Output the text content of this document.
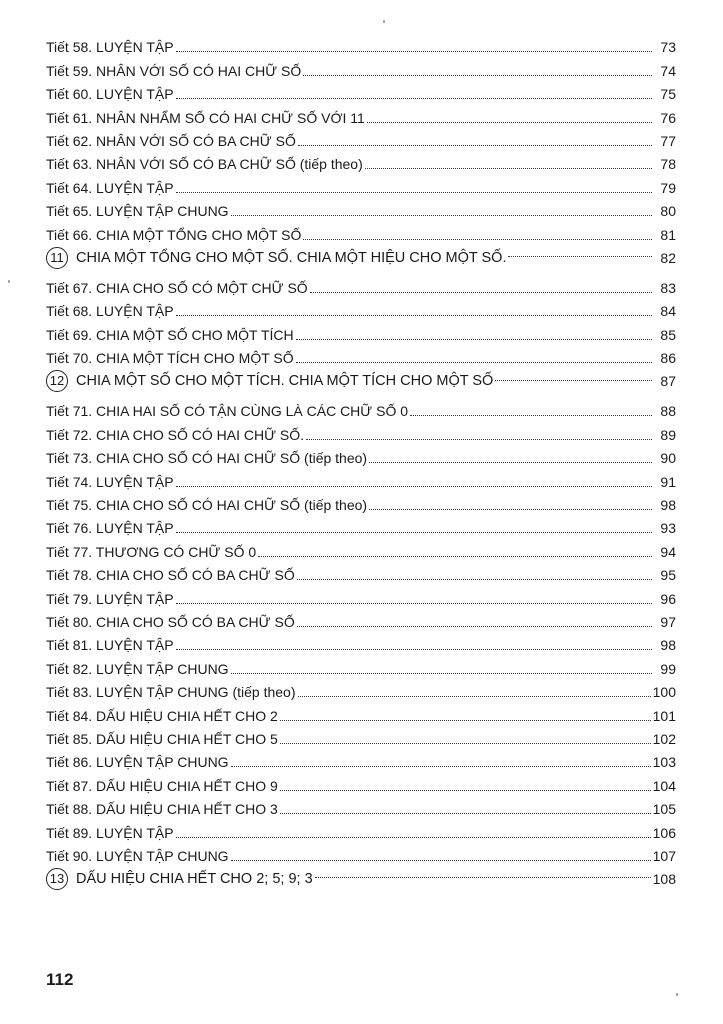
Tiết 58. LUYỆN TẬP	73
Tiết 59. NHÂN VỚI SỐ CÓ HAI CHỮ SỐ	74
Tiết 60. LUYỆN TẬP	75
Tiết 61. NHÂN NHẨM SỐ CÓ HAI CHỮ SỐ VỚI 11	76
Tiết 62. NHÂN VỚI SỐ CÓ BA CHỮ SỐ	77
Tiết 63. NHÂN VỚI SỐ CÓ BA CHỮ SỐ (tiếp theo)	78
Tiết 64. LUYỆN TẬP	79
Tiết 65. LUYỆN TẬP CHUNG	80
Tiết 66. CHIA MỘT TỔNG CHO MỘT SỐ	81
11 CHIA MỘT TỔNG CHO MỘT SỐ. CHIA MỘT HIỆU CHO MỘT SỐ.	82
Tiết 67. CHIA CHO SỐ CÓ MỘT CHỮ SỐ	83
Tiết 68. LUYỆN TẬP	84
Tiết 69. CHIA MỘT SỐ CHO MỘT TÍCH	85
Tiết 70. CHIA MỘT TÍCH CHO MỘT SỐ	86
12 CHIA MỘT SỐ CHO MỘT TÍCH. CHIA MỘT TÍCH CHO MỘT SỐ	87
Tiết 71. CHIA HAI SỐ CÓ TẬN CÙNG LÀ CÁC CHỮ SỐ 0	88
Tiết 72. CHIA CHO SỐ CÓ HAI CHỮ SỐ.	89
Tiết 73. CHIA CHO SỐ CÓ HAI CHỮ SỐ (tiếp theo)	90
Tiết 74. LUYỆN TẬP	91
Tiết 75. CHIA CHO SỐ CÓ HAI CHỮ SỐ (tiếp theo)	98
Tiết 76. LUYỆN TẬP	93
Tiết 77. THƯƠNG CÓ CHỮ SỐ 0	94
Tiết 78. CHIA CHO SỐ CÓ BA CHỮ SỐ	95
Tiết 79. LUYỆN TẬP	96
Tiết 80. CHIA CHO SỐ CÓ BA CHỮ SỐ	97
Tiết 81. LUYỆN TẬP	98
Tiết 82. LUYỆN TẬP CHUNG	99
Tiết 83. LUYỆN TẬP CHUNG (tiếp theo)	100
Tiết 84. DẤU HIỆU CHIA HẾT CHO 2	101
Tiết 85. DẤU HIỆU CHIA HẾT CHO 5	102
Tiết 86. LUYỆN TẬP CHUNG	103
Tiết 87. DẤU HIỆU CHIA HẾT CHO 9	104
Tiết 88. DẤU HIỆU CHIA HẾT CHO 3	105
Tiết 89. LUYỆN TẬP	106
Tiết 90. LUYỆN TẬP CHUNG	107
13 DẤU HIỆU CHIA HẾT CHO 2; 5; 9; 3	108
112
